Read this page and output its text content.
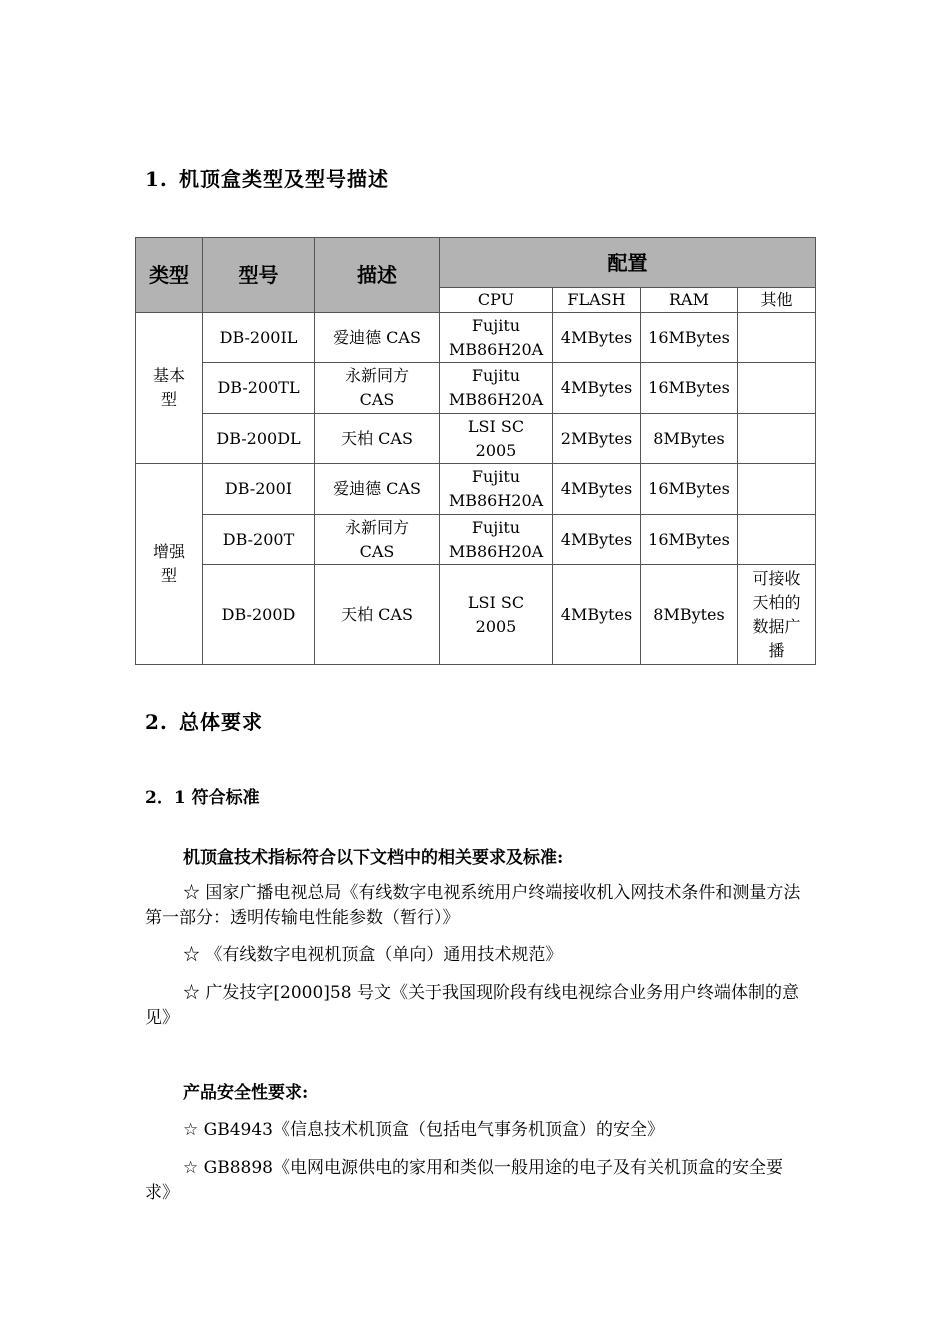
1. 机顶盒类型及型号描述
类型	型号	描述	配置			
			CPU	FLASH	RAM	其他
基本型	DB-200IL	爱迪德 CAS	Fujitu MB86H20A	4MBytes	16MBytes	
	DB-200TL	永新同方 CAS	Fujitu MB86H20A	4MBytes	16MBytes	
	DB-200DL	天柏 CAS	LSI SC 2005	2MBytes	8MBytes	
增强型	DB-200I	爱迪德 CAS	Fujitu MB86H20A	4MBytes	16MBytes	
	DB-200T	永新同方 CAS	Fujitu MB86H20A	4MBytes	16MBytes	
	DB-200D	天柏 CAS	LSI SC 2005	4MBytes	8MBytes	可接收天柏的数据广播
2. 总体要求
2．1 符合标准
机顶盒技术指标符合以下文档中的相关要求及标准:
☆ 国家广播电视总局《有线数字电视系统用户终端接收机入网技术条件和测量方法第一部分：透明传输电性能参数（暂行）》
☆ 《有线数字电视机顶盒（单向）通用技术规范》
☆ 广发技字[2000]58 号文《关于我国现阶段有线电视综合业务用户终端体制的意见》
产品安全性要求:
☆ GB4943《信息技术机顶盒（包括电气事务机顶盒）的安全》
☆ GB8898《电网电源供电的家用和类似一般用途的电子及有关机顶盒的安全要求》
